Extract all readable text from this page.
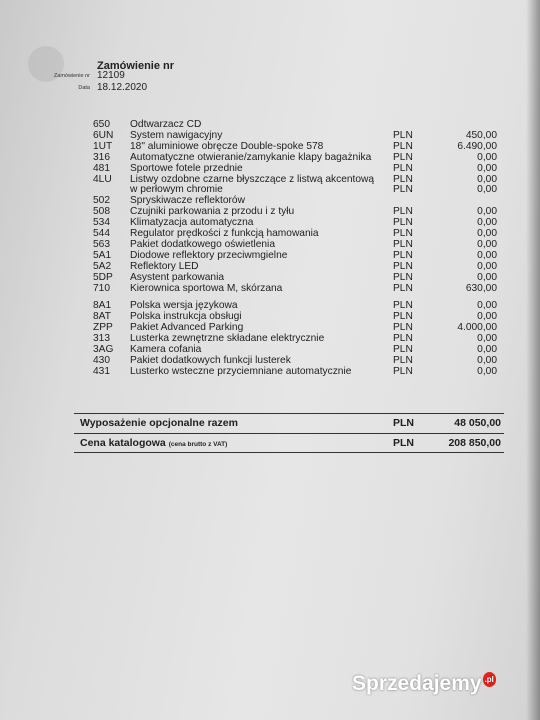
Zamówienie nr
Zamówienie nr 12109
Data 18.12.2020
650 Odtwarzacz CD
6UN System nawigacyjny	PLN	450,00
1UT 18" aluminiowe obręcze Double-spoke 578	PLN	6.490,00
316 Automatyczne otwieranie/zamykanie klapy bagażnika PLN	0,00
481 Sportowe fotele przednie	PLN	0,00
4LU Listwy ozdobne czarne błyszczące z listwą akcentową PLN	0,00
w perłowym chromie	PLN	0,00
502 Spryskiwacze reflektorów
508 Czujniki parkowania z przodu i z tyłu	PLN	0,00
534 Klimatyzacja automatyczna	PLN	0,00
544 Regulator prędkości z funkcją hamowania	PLN	0,00
563 Pakiet dodatkowego oświetlenia	PLN	0,00
5A1 Diodowe reflektory przeciwmgielne	PLN	0,00
5A2 Reflektory LED	PLN	0,00
5DP Asystent parkowania	PLN	0,00
710 Kierownica sportowa M, skórzana	PLN	630,00
8A1 Polska wersja językowa	PLN	0,00
8AT Polska instrukcja obsługi	PLN	0,00
ZPP Pakiet Advanced Parking	PLN	4.000,00
313 Lusterka zewnętrzne składane elektrycznie	PLN	0,00
3AG Kamera cofania	PLN	0,00
430 Pakiet dodatkowych funkcji lusterek	PLN	0,00
431 Lusterko wsteczne przyciemniane automatycznie	PLN	0,00
Wyposażenie opcjonalne razem	PLN	48 050,00
Cena katalogowa (cena brutto z VAT)	PLN	208 850,00
Sprzedajemy .pl
